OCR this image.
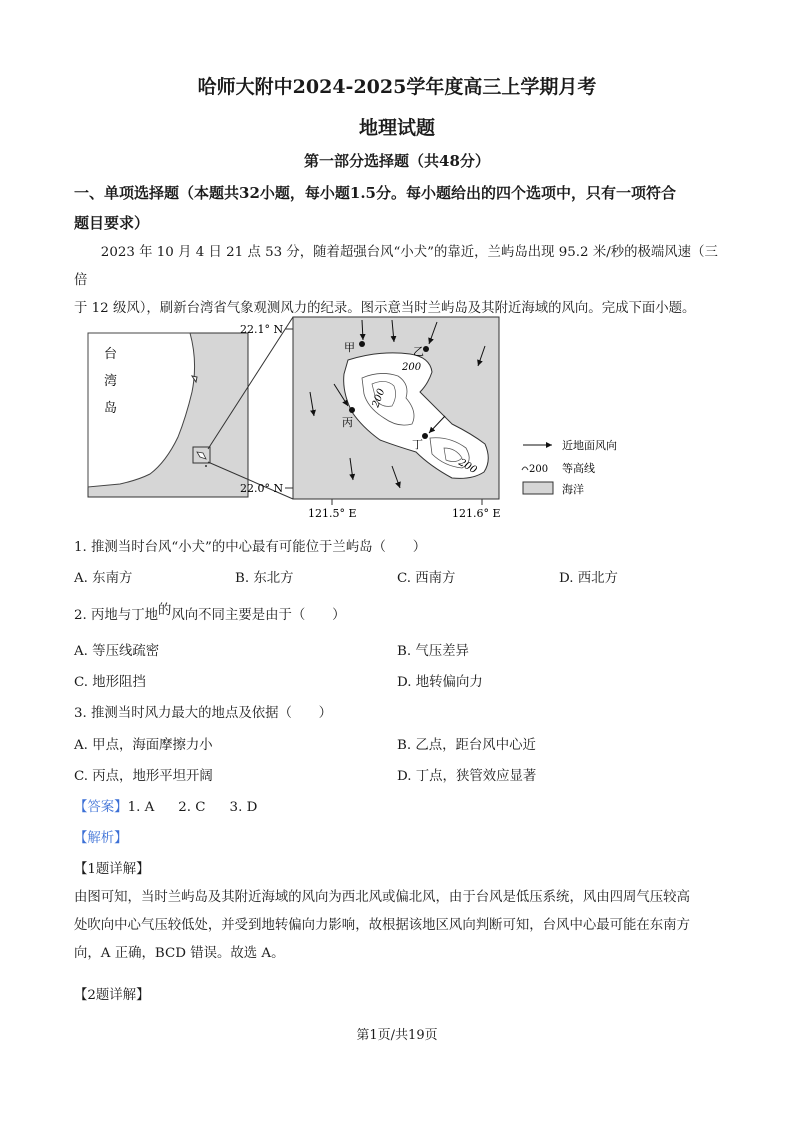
哈师大附中2024-2025学年度高三上学期月考
地理试题
第一部分选择题（共48分）
一、单项选择题（本题共32小题，每小题1.5分。每小题给出的四个选项中，只有一项符合
题目要求）
2023 年 10 月 4 日 21 点 53 分，随着超强台风“小犬”的靠近，兰屿岛出现 95.2 米/秒的极端风速（三倍
于 12 级风），刷新台湾省气象观测风力的纪录。图示意当时兰屿岛及其附近海域的风向。完成下面小题。
台
湾
岛
200
200
200
甲	乙
丙
丁
22.1° N
22.0° N
121.5° E	121.6° E
近地面风向
200 等高线
海洋
1. 推测当时台风“小犬”的中心最有可能位于兰屿岛（　　）
A. 东南方	B. 东北方	C. 西南方	D. 西北方
2. 丙地与丁地的风向不同主要是由于（　　）
A. 等压线疏密	B. 气压差异
C. 地形阻挡	D. 地转偏向力
3. 推测当时风力最大的地点及依据（　　）
A. 甲点，海面摩擦力小	B. 乙点，距台风中心近
C. 丙点，地形平坦开阔	D. 丁点，狭管效应显著
【答案】1. A 2. C 3. D
【解析】
【1题详解】
由图可知，当时兰屿岛及其附近海域的风向为西北风或偏北风，由于台风是低压系统，风由四周气压较高
处吹向中心气压较低处，并受到地转偏向力影响，故根据该地区风向判断可知，台风中心最可能在东南方
向，A 正确，BCD 错误。故选 A。
【2题详解】
第1页/共19页
